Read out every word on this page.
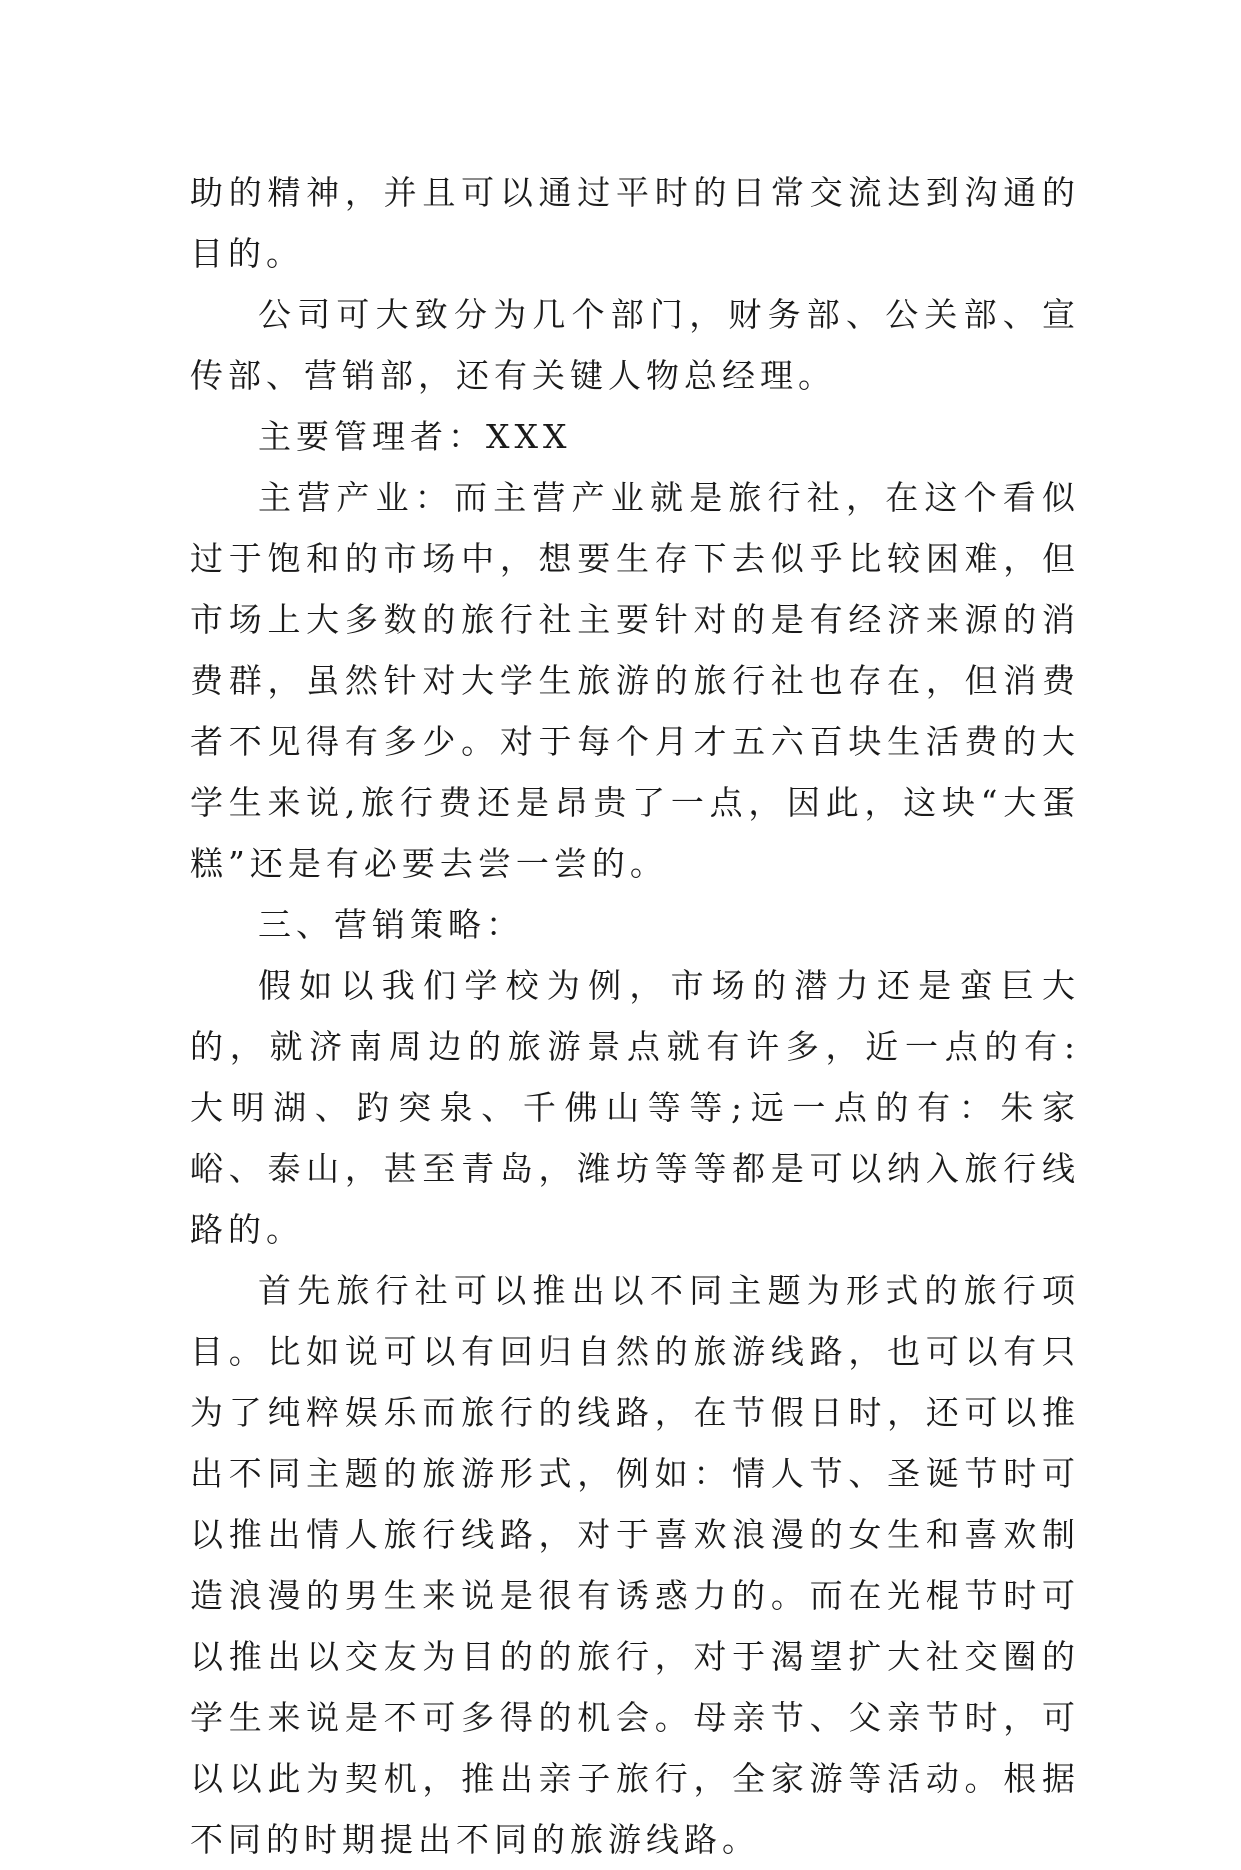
助的精神，并且可以通过平时的日常交流达到沟通的目的。

公司可大致分为几个部门，财务部、公关部、宣传部、营销部，还有关键人物总经理。

主要管理者：XXX

主营产业：而主营产业就是旅行社，在这个看似过于饱和的市场中，想要生存下去似乎比较困难，但市场上大多数的旅行社主要针对的是有经济来源的消费群，虽然针对大学生旅游的旅行社也存在，但消费者不见得有多少。对于每个月才五六百块生活费的大学生来说,旅行费还是昂贵了一点，因此，这块“大蛋糕”还是有必要去尝一尝的。

三、营销策略：

假如以我们学校为例，市场的潜力还是蛮巨大的，就济南周边的旅游景点就有许多，近一点的有:大明湖、趵突泉、千佛山等等;远一点的有：朱家峪、泰山，甚至青岛，潍坊等等都是可以纳入旅行线路的。

首先旅行社可以推出以不同主题为形式的旅行项目。比如说可以有回归自然的旅游线路，也可以有只为了纯粹娱乐而旅行的线路，在节假日时，还可以推出不同主题的旅游形式，例如：情人节、圣诞节时可以推出情人旅行线路，对于喜欢浪漫的女生和喜欢制造浪漫的男生来说是很有诱惑力的。而在光棍节时可以推出以交友为目的的旅行，对于渴望扩大社交圈的学生来说是不可多得的机会。母亲节、父亲节时，可以以此为契机，推出亲子旅行，全家游等活动。根据不同的时期提出不同的旅游线路。
